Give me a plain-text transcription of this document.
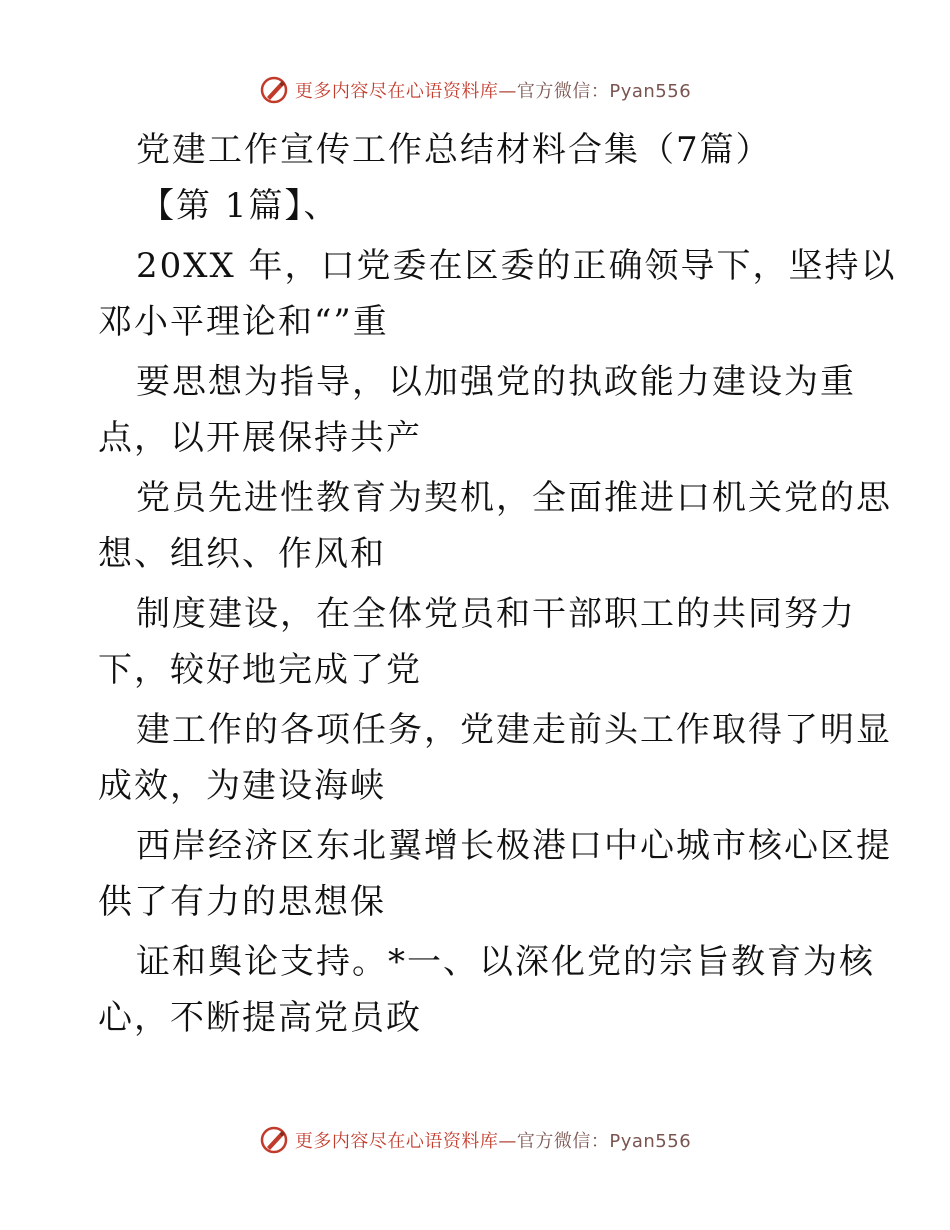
更多内容尽在心语资料库—官方微信：Pyan556
党建工作宣传工作总结材料合集（7篇）
【第 1篇】、
20XX 年，口党委在区委的正确领导下，坚持以
邓小平理论和“”重
要思想为指导，以加强党的执政能力建设为重
点，以开展保持共产
党员先进性教育为契机，全面推进口机关党的思
想、组织、作风和
制度建设，在全体党员和干部职工的共同努力
下，较好地完成了党
建工作的各项任务，党建走前头工作取得了明显
成效，为建设海峡
西岸经济区东北翼增长极港口中心城市核心区提
供了有力的思想保
证和舆论支持。*一、以深化党的宗旨教育为核
心，不断提高党员政
更多内容尽在心语资料库—官方微信：Pyan556
